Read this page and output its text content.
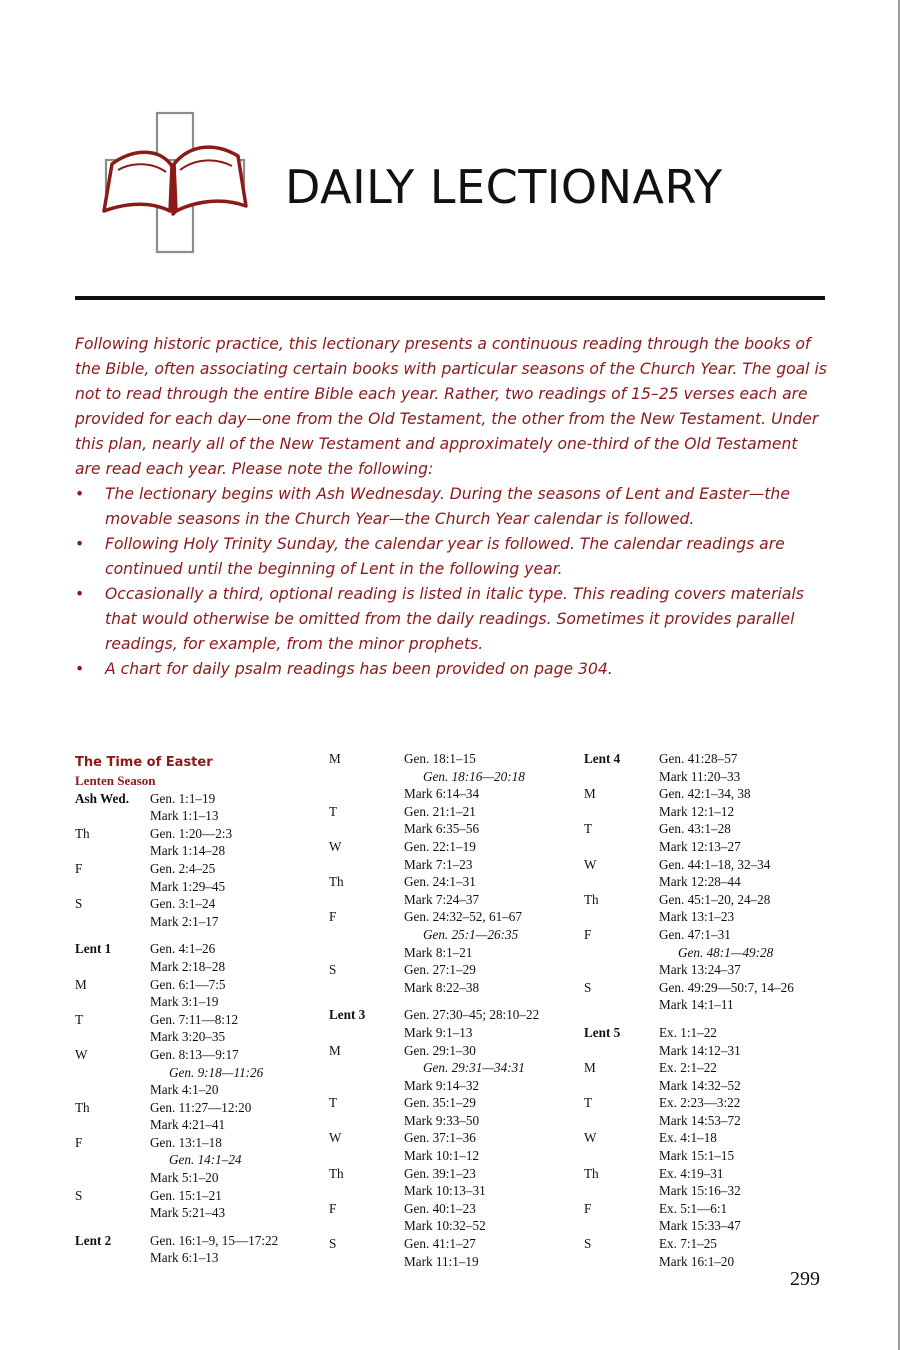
DAILY LECTIONARY

Following historic practice, this lectionary presents a continuous reading through the books of the Bible, often associating certain books with particular seasons of the Church Year. The goal is not to read through the entire Bible each year. Rather, two readings of 15–25 verses each are provided for each day—one from the Old Testament, the other from the New Testament. Under this plan, nearly all of the New Testament and approximately one-third of the Old Testament are read each year. Please note the following:

• The lectionary begins with Ash Wednesday. During the seasons of Lent and Easter—the movable seasons in the Church Year—the Church Year calendar is followed.
• Following Holy Trinity Sunday, the calendar year is followed. The calendar readings are continued until the beginning of Lent in the following year.
• Occasionally a third, optional reading is listed in italic type. This reading covers materials that would otherwise be omitted from the daily readings. Sometimes it provides parallel readings, for example, from the minor prophets.
• A chart for daily psalm readings has been provided on page 304.
The Time of Easter
Lenten Season
Ash Wed.	Gen. 1:1–19
Mark 1:1–13
Th	Gen. 1:20—2:3
Mark 1:14–28
F	Gen. 2:4–25
Mark 1:29–45
S	Gen. 3:1–24
Mark 2:1–17
Lent 1	Gen. 4:1–26
Mark 2:18–28
M	Gen. 6:1—7:5
Mark 3:1–19
T	Gen. 7:11—8:12
Mark 3:20–35
W	Gen. 8:13—9:17
Gen. 9:18—11:26
Mark 4:1–20
Th	Gen. 11:27—12:20
Mark 4:21–41
F	Gen. 13:1–18
Gen. 14:1–24
Mark 5:1–20
S	Gen. 15:1–21
Mark 5:21–43
Lent 2	Gen. 16:1–9, 15—17:22
Mark 6:1–13
M	Gen. 18:1–15
Gen. 18:16—20:18
Mark 6:14–34
T	Gen. 21:1–21
Mark 6:35–56
W	Gen. 22:1–19
Mark 7:1–23
Th	Gen. 24:1–31
Mark 7:24–37
F	Gen. 24:32–52, 61–67
Gen. 25:1—26:35
Mark 8:1–21
S	Gen. 27:1–29
Mark 8:22–38
Lent 3	Gen. 27:30–45; 28:10–22
Mark 9:1–13
M	Gen. 29:1–30
Gen. 29:31—34:31
Mark 9:14–32
T	Gen. 35:1–29
Mark 9:33–50
W	Gen. 37:1–36
Mark 10:1–12
Th	Gen. 39:1–23
Mark 10:13–31
F	Gen. 40:1–23
Mark 10:32–52
S	Gen. 41:1–27
Mark 11:1–19
Lent 4	Gen. 41:28–57
Mark 11:20–33
M	Gen. 42:1–34, 38
Mark 12:1–12
T	Gen. 43:1–28
Mark 12:13–27
W	Gen. 44:1–18, 32–34
Mark 12:28–44
Th	Gen. 45:1–20, 24–28
Mark 13:1–23
F	Gen. 47:1–31
Gen. 48:1—49:28
Mark 13:24–37
S	Gen. 49:29—50:7, 14–26
Mark 14:1–11
Lent 5	Ex. 1:1–22
Mark 14:12–31
M	Ex. 2:1–22
Mark 14:32–52
T	Ex. 2:23—3:22
Mark 14:53–72
W	Ex. 4:1–18
Mark 15:1–15
Th	Ex. 4:19–31
Mark 15:16–32
F	Ex. 5:1—6:1
Mark 15:33–47
S	Ex. 7:1–25
Mark 16:1–20
299
